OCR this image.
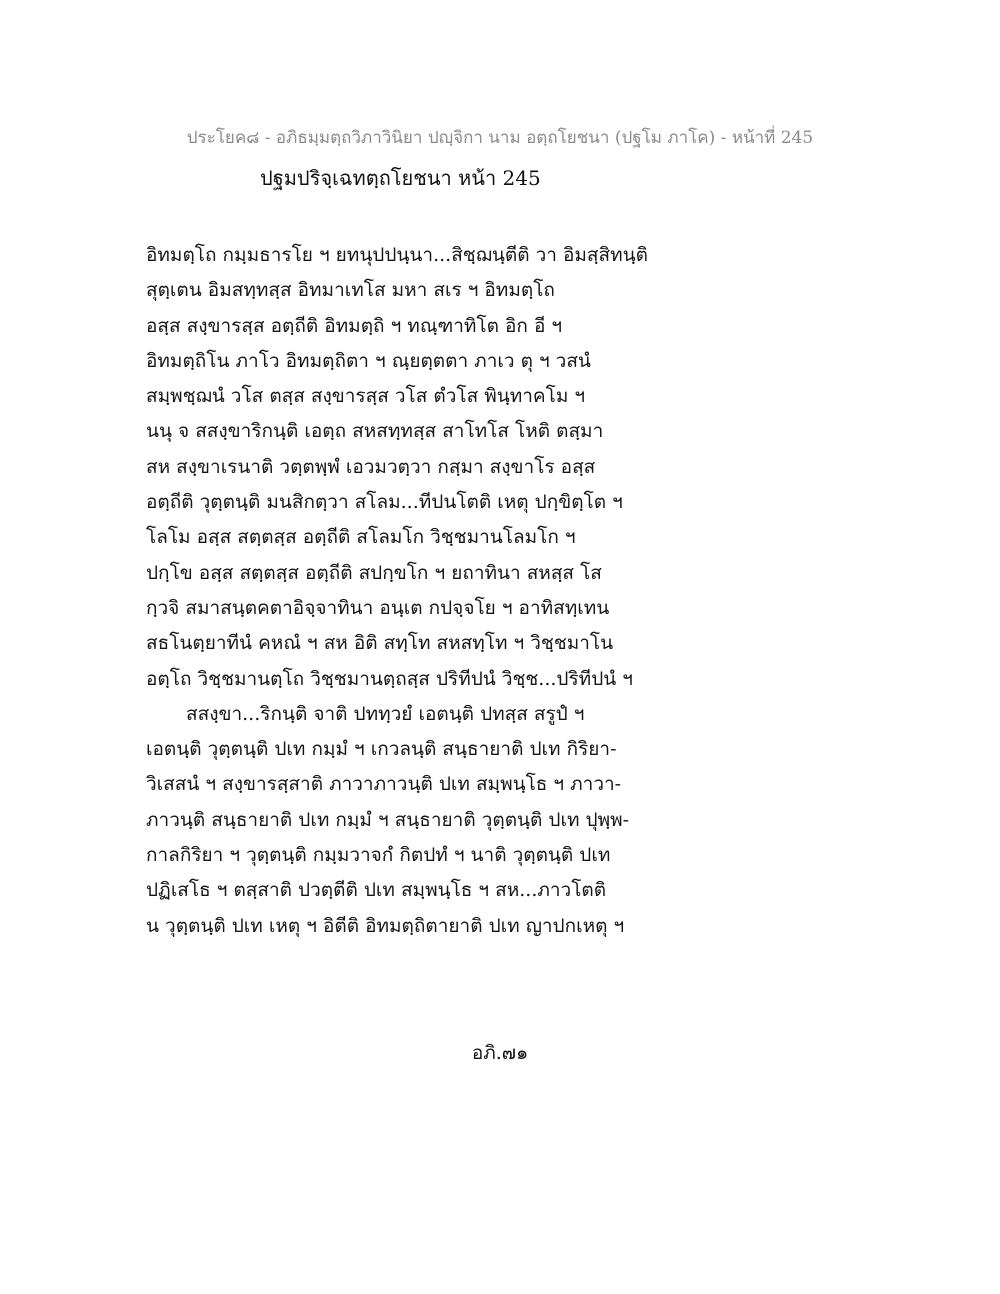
ประโยค๘ - อภิธมฺมตฺถวิภาวินิยา ปญฺจิกา นาม อตฺถโยชนา (ปฐโม ภาโค) - หน้าที่ 245
ปฐมปริจฺเฉทตฺถโยชนา หน้า 245
อิทมตฺโถ กมฺมธารโย ฯ ยทนุปปนฺนา...สิชฺฌนฺตีติ วา อิมสฺสิทนฺติ
สุตฺเตน อิมสทฺทสฺส อิทมาเทโส มหา สเร ฯ อิทมตฺโถ
อสฺส สงฺขารสฺส อตฺถีติ อิทมตฺถิ ฯ ทณฺฑาทิโต อิก อี ฯ
อิทมตฺถิโน ภาโว อิทมตฺถิตา ฯ ณฺยตฺตตา ภาเว ตุ ฯ วสนํ
สมฺพชฺฌนํ วโส ตสฺส สงฺขารสฺส วโส ตํวโส พินฺทาคโม ฯ
นนุ จ สสงฺขาริกนฺติ เอตฺถ สหสทฺทสฺส สาโทโส โหติ ตสฺมา
สห สงฺขาเรนาติ วตฺตพฺพํ เอวมวตฺวา กสฺมา สงฺขาโร อสฺส
อตฺถีติ วุตฺตนฺติ มนสิกตฺวา สโลม...ทีปนโตติ เหตุ ปกฺขิตฺโต ฯ
โลโม อสฺส สตฺตสฺส อตฺถีติ สโลมโก วิชฺชมานโลมโก ฯ
ปกฺโข อสฺส สตฺตสฺส อตฺถีติ สปกฺขโก ฯ ยถาทินา สหสฺส โส
กฺวจิ สมาสนฺตคตาอิจฺจาทินา อนฺเต กปจฺจโย ฯ อาทิสทฺเทน
สธโนตฺยาทีนํ คหณํ ฯ สห อิติ สทฺโท สหสทฺโท ฯ วิชฺชมาโน
อตฺโถ วิชฺชมานตฺโถ วิชฺชมานตฺถสฺส ปริทีปนํ วิชฺช...ปริทีปนํ ฯ
สสงฺขา...ริกนฺติ จาติ ปททฺวยํ เอตนฺติ ปทสฺส สรูปํ ฯ
เอตนฺติ วุตฺตนฺติ ปเท กมฺมํ ฯ เกวลนฺติ สนฺธายาติ ปเท กิริยา-
วิเสสนํ ฯ สงฺขารสฺสาติ ภาวาภาวนฺติ ปเท สมฺพนฺโธ ฯ ภาวา-
ภาวนฺติ สนฺธายาติ ปเท กมฺมํ ฯ สนฺธายาติ วุตฺตนฺติ ปเท ปุพฺพ-
กาลกิริยา ฯ วุตฺตนฺติ กมฺมวาจกํ กิตปทํ ฯ นาติ วุตฺตนฺติ ปเท
ปฏิเสโธ ฯ ตสฺสาติ ปวตฺตีติ ปเท สมฺพนฺโธ ฯ สห...ภาวโตติ
น วุตฺตนฺติ ปเท เหตุ ฯ อิตีติ อิทมตฺถิตายาติ ปเท ญาปกเหตุ ฯ
อภิ.๗๑
